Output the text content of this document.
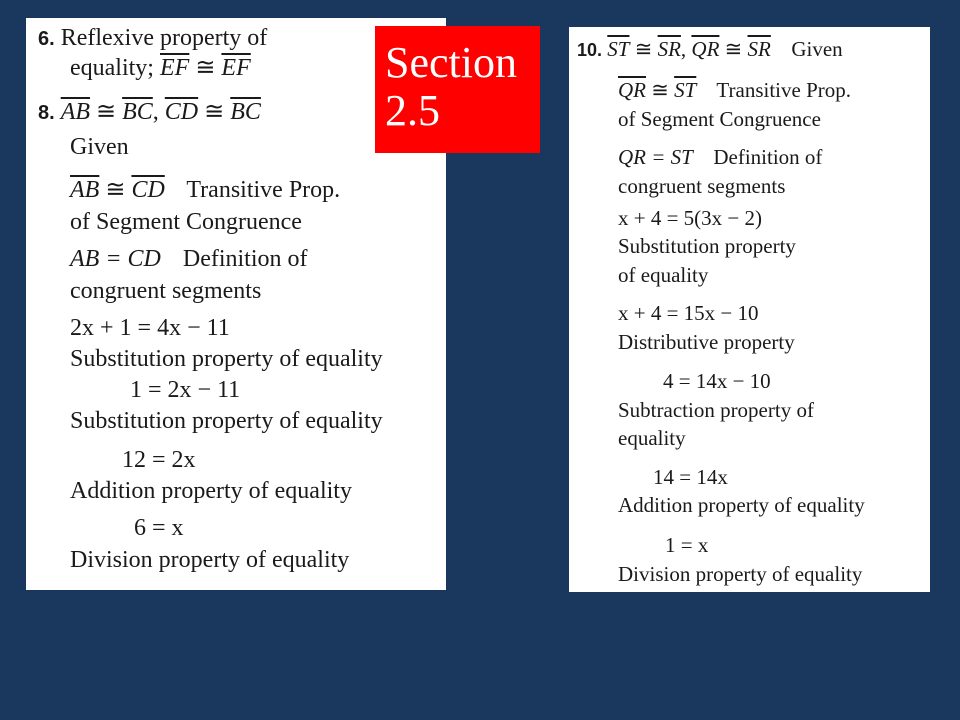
6. Reflexive property of
equality; $\overline{EF}$ ≅ $\overline{EF}$
8. $\overline{AB}$ ≅ $\overline{BC}$, $\overline{CD}$ ≅ $\overline{BC}$
Given
$\overline{AB}$ ≅ $\overline{CD}$ Transitive Prop.
of Segment Congruence
AB = CD Definition of
congruent segments
2x + 1 = 4x − 11
Substitution property of equality
1 = 2x − 11
Substitution property of equality
12 = 2x
Addition property of equality
6 = x
Division property of equality
Section
2.5
10. $\overline{ST}$ ≅ $\overline{SR}$, $\overline{QR}$ ≅ $\overline{SR}$ Given
$\overline{QR}$ ≅ $\overline{ST}$ Transitive Prop.
of Segment Congruence
QR = ST Definition of
congruent segments
x + 4 = 5(3x − 2)
Substitution property
of equality
x + 4 = 15x − 10
Distributive property
4 = 14x − 10
Subtraction property of
equality
14 = 14x
Addition property of equality
1 = x
Division property of equality
